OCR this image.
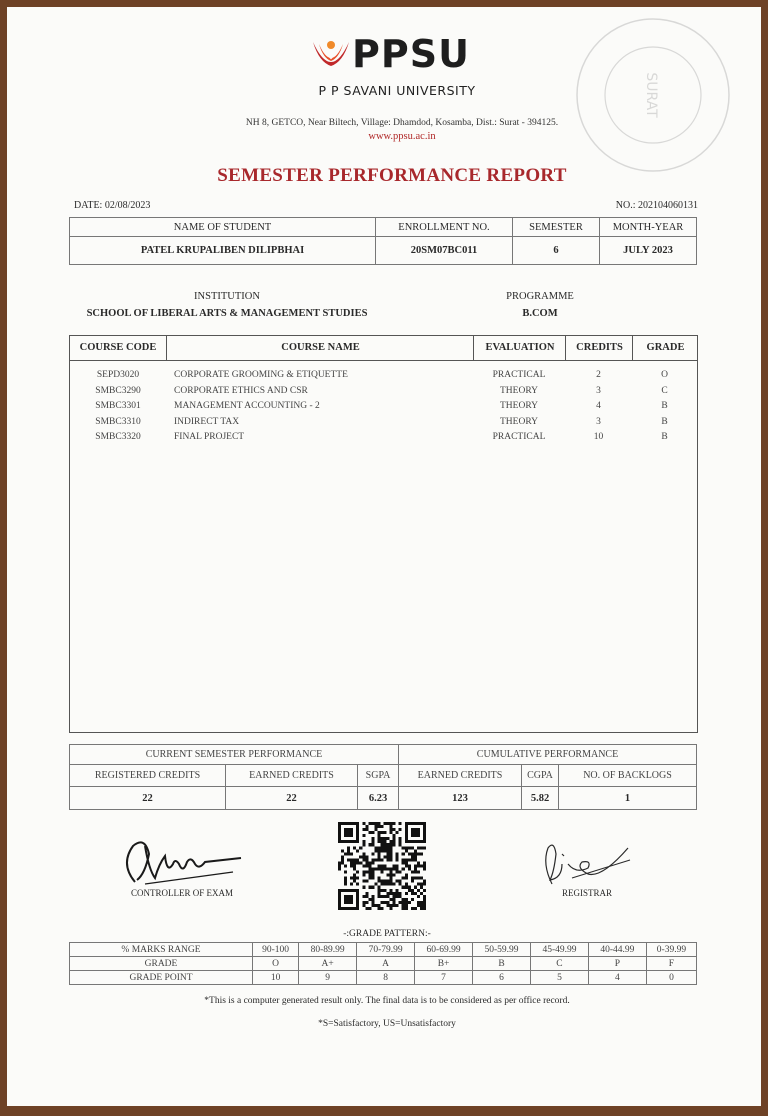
SURAT
PPSU
P P SAVANI UNIVERSITY
NH 8, GETCO, Near Biltech, Village: Dhamdod, Kosamba, Dist.: Surat - 394125.
www.ppsu.ac.in
SEMESTER PERFORMANCE REPORT
DATE: 02/08/2023	NO.: 202104060131
NAME OF STUDENT	ENROLLMENT NO.	SEMESTER	MONTH-YEAR
PATEL KRUPALIBEN DILIPBHAI	20SM07BC011	6	JULY 2023
INSTITUTION
SCHOOL OF LIBERAL ARTS & MANAGEMENT STUDIES
PROGRAMME
B.COM
COURSE CODE	COURSE NAME	EVALUATION	CREDITS	GRADE
SEPD3020	CORPORATE GROOMING & ETIQUETTE	PRACTICAL	2	O
SMBC3290	CORPORATE ETHICS AND CSR	THEORY	3	C
SMBC3301	MANAGEMENT ACCOUNTING - 2	THEORY	4	B
SMBC3310	INDIRECT TAX	THEORY	3	B
SMBC3320	FINAL PROJECT	PRACTICAL	10	B
CURRENT SEMESTER PERFORMANCE			CUMULATIVE PERFORMANCE		
REGISTERED CREDITS	EARNED CREDITS	SGPA	EARNED CREDITS	CGPA	NO. OF BACKLOGS
22	22	6.23	123	5.82	1
CONTROLLER OF EXAM	REGISTRAR
-:GRADE PATTERN:-
% MARKS RANGE	90-100	80-89.99	70-79.99	60-69.99	50-59.99	45-49.99	40-44.99	0-39.99
GRADE	O	A+	A	B+	B	C	P	F
GRADE POINT	10	9	8	7	6	5	4	0
*This is a computer generated result only. The final data is to be considered as per office record.
*S=Satisfactory, US=Unsatisfactory
